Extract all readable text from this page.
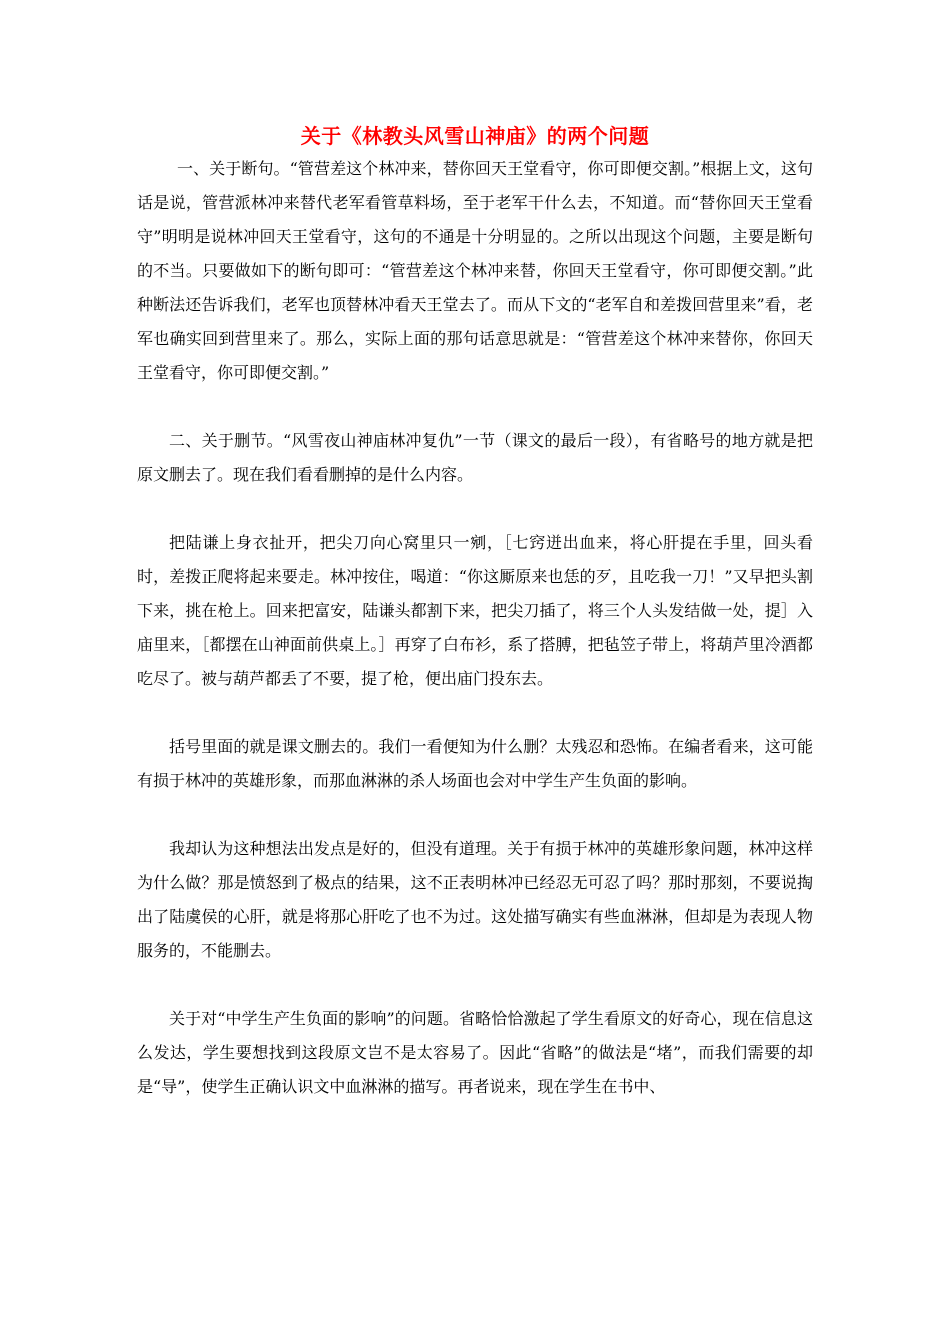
关于《林教头风雪山神庙》的两个问题

一、关于断句。“管营差这个林冲来，替你回天王堂看守，你可即便交割。”根据上文，这句话是说，管营派林冲来替代老军看管草料场，至于老军干什么去，不知道。而“替你回天王堂看守”明明是说林冲回天王堂看守，这句的不通是十分明显的。之所以出现这个问题，主要是断句的不当。只要做如下的断句即可：“管营差这个林冲来替，你回天王堂看守，你可即便交割。”此种断法还告诉我们，老军也顶替林冲看天王堂去了。而从下文的“老军自和差拨回营里来”看，老军也确实回到营里来了。那么，实际上面的那句话意思就是：“管营差这个林冲来替你，你回天王堂看守，你可即便交割。”

二、关于删节。“风雪夜山神庙林冲复仇”一节（课文的最后一段），有省略号的地方就是把原文删去了。现在我们看看删掉的是什么内容。

把陆谦上身衣扯开，把尖刀向心窝里只一剜，［七窍迸出血来，将心肝提在手里，回头看时，差拨正爬将起来要走。林冲按住，喝道：“你这厮原来也恁的歹，且吃我一刀！”又早把头割下来，挑在枪上。回来把富安，陆谦头都割下来，把尖刀插了，将三个人头发结做一处，提］入庙里来，［都摆在山神面前供桌上。］再穿了白布衫，系了搭膊，把毡笠子带上，将葫芦里冷酒都吃尽了。被与葫芦都丢了不要，提了枪，便出庙门投东去。

括号里面的就是课文删去的。我们一看便知为什么删？太残忍和恐怖。在编者看来，这可能有损于林冲的英雄形象，而那血淋淋的杀人场面也会对中学生产生负面的影响。

我却认为这种想法出发点是好的，但没有道理。关于有损于林冲的英雄形象问题，林冲这样为什么做？那是愤怒到了极点的结果，这不正表明林冲已经忍无可忍了吗？那时那刻，不要说掏出了陆虞侯的心肝，就是将那心肝吃了也不为过。这处描写确实有些血淋淋，但却是为表现人物服务的，不能删去。

关于对“中学生产生负面的影响”的问题。省略恰恰激起了学生看原文的好奇心，现在信息这么发达，学生要想找到这段原文岂不是太容易了。因此“省略”的做法是“堵”，而我们需要的却是“导”，使学生正确认识文中血淋淋的描写。再者说来，现在学生在书中、
